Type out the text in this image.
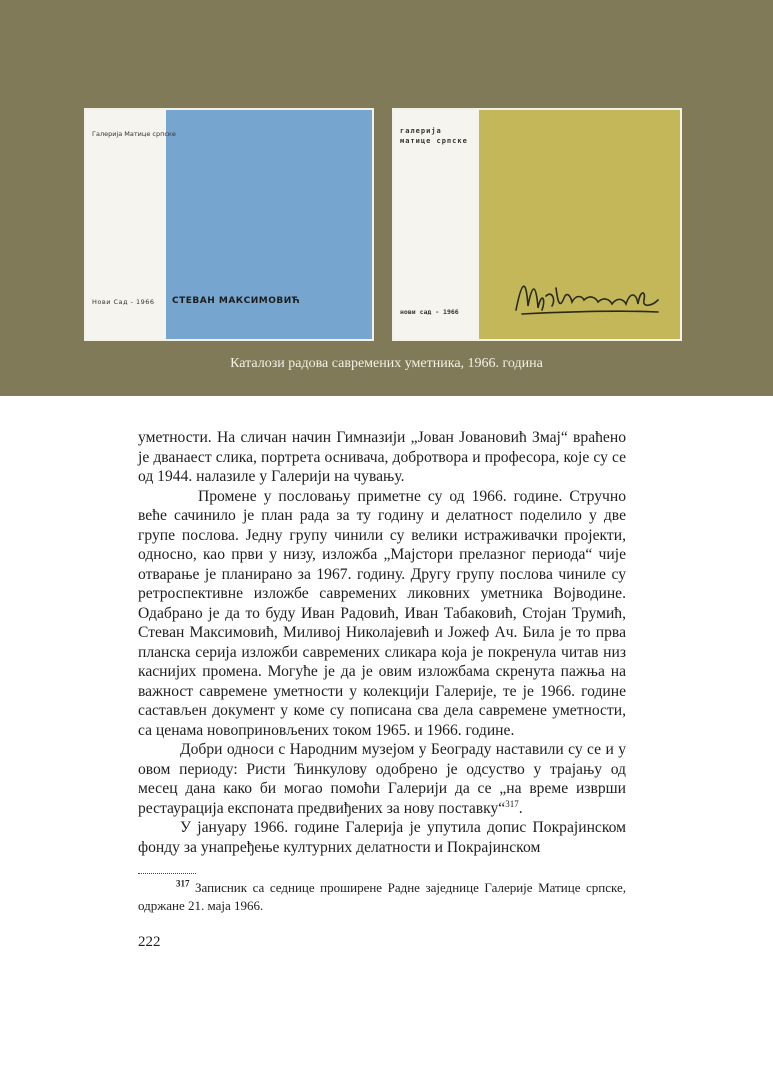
Галерија Матице српске
Нови Сад - 1966 СТЕВАН МАКСИМОВИЋ
галерија
матице српске
нови сад - 1966
Каталози радова савремених уметника, 1966. година

уметности. На сличан начин Гимназији „Јован Јовановић Змај“ враћено је дванаест слика, портрета оснивача, добротвора и професора, које су се од 1944. налазиле у Галерији на чувању.

Промене у пословању приметне су од 1966. године. Стручно веће сачинило је план рада за ту годину и делатност поделило у две групе послова. Једну групу чинили су велики истраживачки пројекти, односно, као први у низу, изложба „Мајстори прелазног периода“ чије отварање је планирано за 1967. годину. Другу групу послова чиниле су ретроспективне изложбе савремених ликовних уметника Војводине. Одабрано је да то буду Иван Радовић, Иван Табаковић, Стојан Трумић, Стеван Максимовић, Миливој Николајевић и Јожеф Ач. Била је то прва планска серија изложби савремених сликара која је покренула читав низ каснијих промена. Могуће је да је овим изложбама скренута пажња на важност савремене уметности у колекцији Галерије, те је 1966. године састављен документ у коме су пописана сва дела савремене уметности, са ценама новоприновљених током 1965. и 1966. године.

Добри односи с Народним музејом у Београду наставили су се и у овом периоду: Ристи Ћинкулову одобрено је одсуство у трајању од месец дана како би могао помоћи Галерији да се „на време изврши рестаурација експоната предвиђених за нову поставку“$^{317}$.

У јануару 1966. године Галерија је упутила допис Покрајинском фонду за унапређење културних делатности и Покрајинском

$^{317}$ Записник са седнице проширене Радне заједнице Галерије Матице српске, одржане 21. маја 1966.

222
